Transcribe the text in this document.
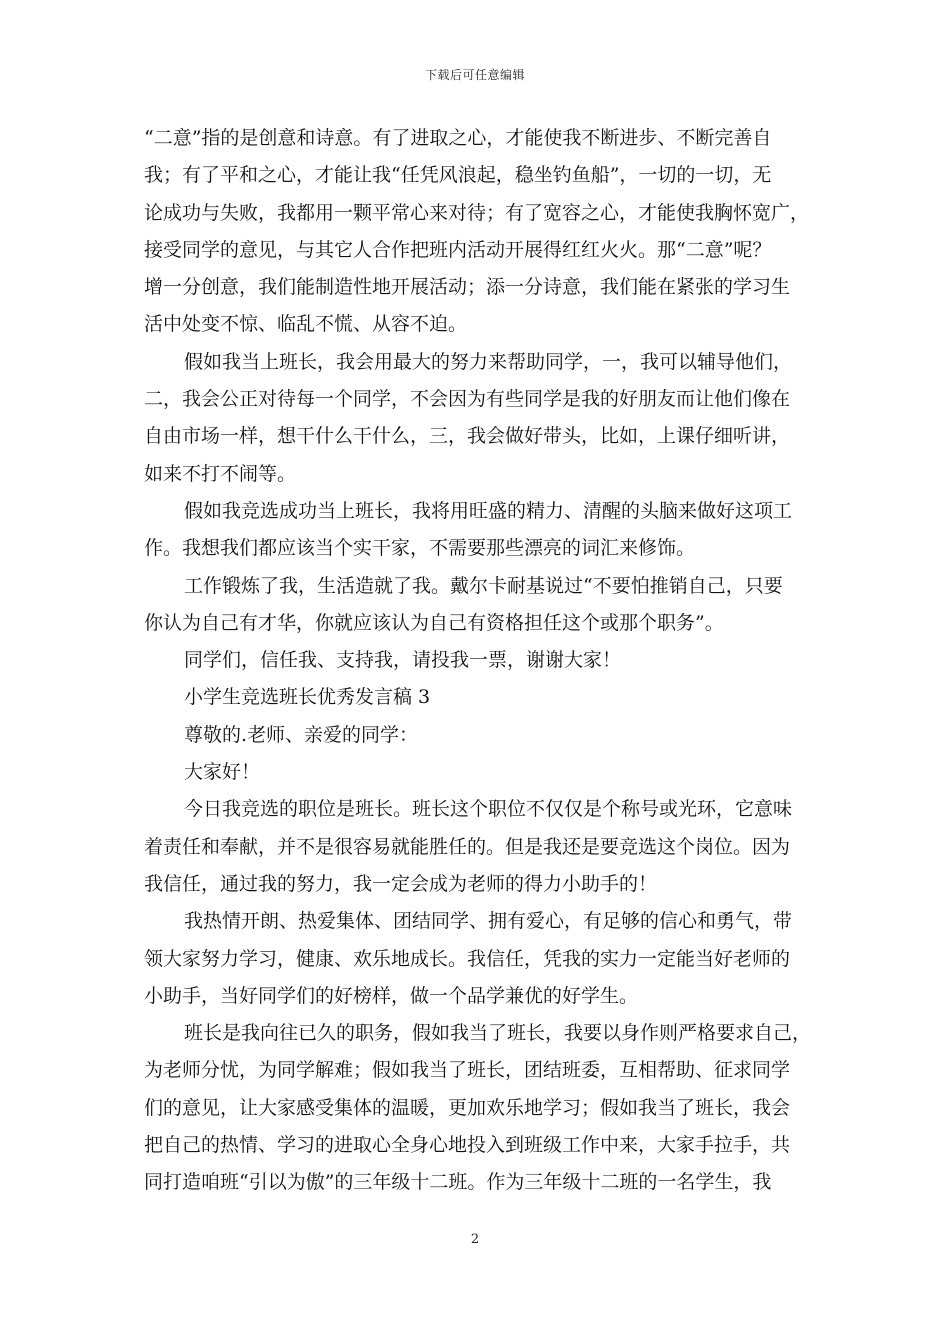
下载后可任意编辑
“二意”指的是创意和诗意。有了进取之心，才能使我不断进步、不断完善自
我；有了平和之心，才能让我“任凭风浪起，稳坐钓鱼船”，一切的一切，无
论成功与失败，我都用一颗平常心来对待；有了宽容之心，才能使我胸怀宽广，
接受同学的意见，与其它人合作把班内活动开展得红红火火。那“二意”呢？
增一分创意，我们能制造性地开展活动；添一分诗意，我们能在紧张的学习生
活中处变不惊、临乱不慌、从容不迫。
假如我当上班长，我会用最大的努力来帮助同学，一，我可以辅导他们，
二，我会公正对待每一个同学，不会因为有些同学是我的好朋友而让他们像在
自由市场一样，想干什么干什么，三，我会做好带头，比如，上课仔细听讲，
如来不打不闹等。
假如我竞选成功当上班长，我将用旺盛的精力、清醒的头脑来做好这项工
作。我想我们都应该当个实干家，不需要那些漂亮的词汇来修饰。
工作锻炼了我，生活造就了我。戴尔卡耐基说过“不要怕推销自己，只要
你认为自己有才华，你就应该认为自己有资格担任这个或那个职务”。
同学们，信任我、支持我，请投我一票，谢谢大家！
小学生竞选班长优秀发言稿 3
尊敬的.老师、亲爱的同学：
大家好！
今日我竞选的职位是班长。班长这个职位不仅仅是个称号或光环，它意味
着责任和奉献，并不是很容易就能胜任的。但是我还是要竞选这个岗位。因为
我信任，通过我的努力，我一定会成为老师的得力小助手的！
我热情开朗、热爱集体、团结同学、拥有爱心，有足够的信心和勇气，带
领大家努力学习，健康、欢乐地成长。我信任，凭我的实力一定能当好老师的
小助手，当好同学们的好榜样，做一个品学兼优的好学生。
班长是我向往已久的职务，假如我当了班长，我要以身作则严格要求自己，
为老师分忧，为同学解难；假如我当了班长，团结班委，互相帮助、征求同学
们的意见，让大家感受集体的温暖，更加欢乐地学习；假如我当了班长，我会
把自己的热情、学习的进取心全身心地投入到班级工作中来，大家手拉手，共
同打造咱班“引以为傲”的三年级十二班。作为三年级十二班的一名学生，我
2
